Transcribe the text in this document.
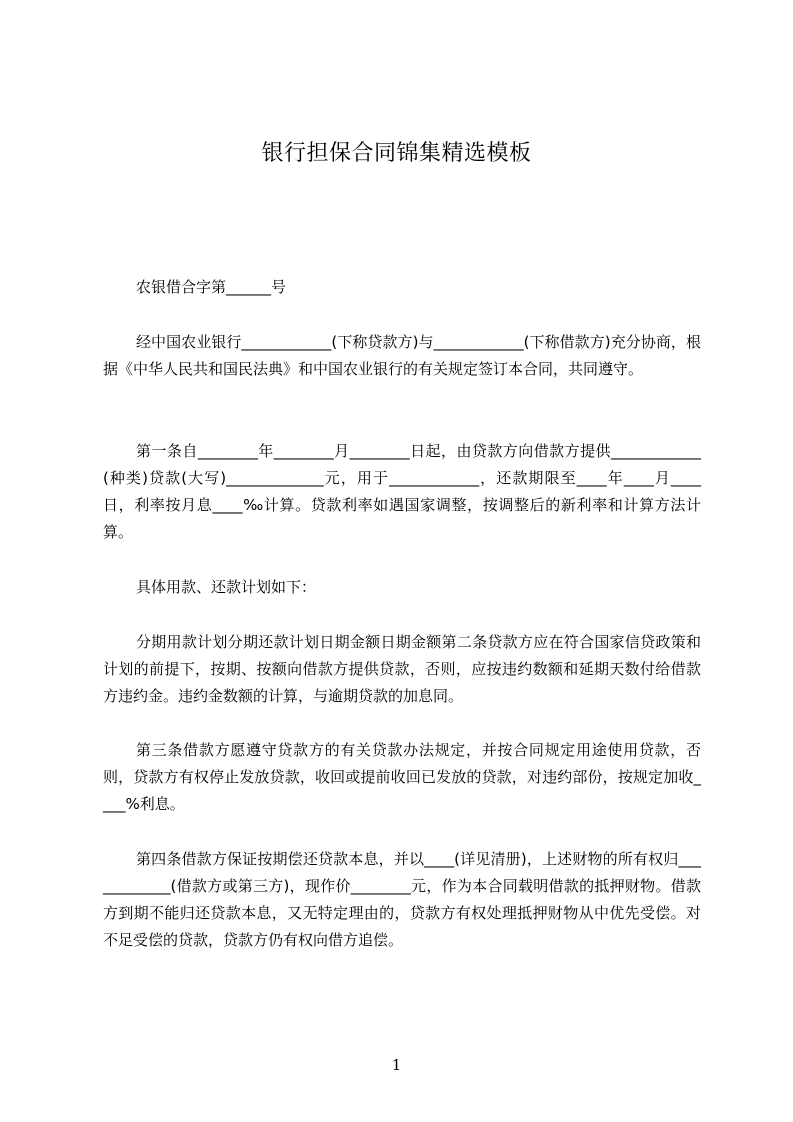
银行担保合同锦集精选模板

农银借合字第______号

经中国农业银行____________(下称贷款方)与____________(下称借款方)充分协商，根据《中华人民共和国民法典》和中国农业银行的有关规定签订本合同，共同遵守。

第一条自________年________月________日起，由贷款方向借款方提供____________(种类)贷款(大写)_____________元，用于____________，还款期限至____年____月____日，利率按月息____‰计算。贷款利率如遇国家调整，按调整后的新利率和计算方法计算。

具体用款、还款计划如下：

分期用款计划分期还款计划日期金额日期金额第二条贷款方应在符合国家信贷政策和计划的前提下，按期、按额向借款方提供贷款，否则，应按违约数额和延期天数付给借款方违约金。违约金数额的计算，与逾期贷款的加息同。

第三条借款方愿遵守贷款方的有关贷款办法规定，并按合同规定用途使用贷款，否则，贷款方有权停止发放贷款，收回或提前收回已发放的贷款，对违约部份，按规定加收____%利息。

第四条借款方保证按期偿还贷款本息，并以____(详见清册)，上述财物的所有权归____________(借款方或第三方)，现作价________元，作为本合同载明借款的抵押财物。借款方到期不能归还贷款本息，又无特定理由的，贷款方有权处理抵押财物从中优先受偿。对不足受偿的贷款，贷款方仍有权向借方追偿。

1
